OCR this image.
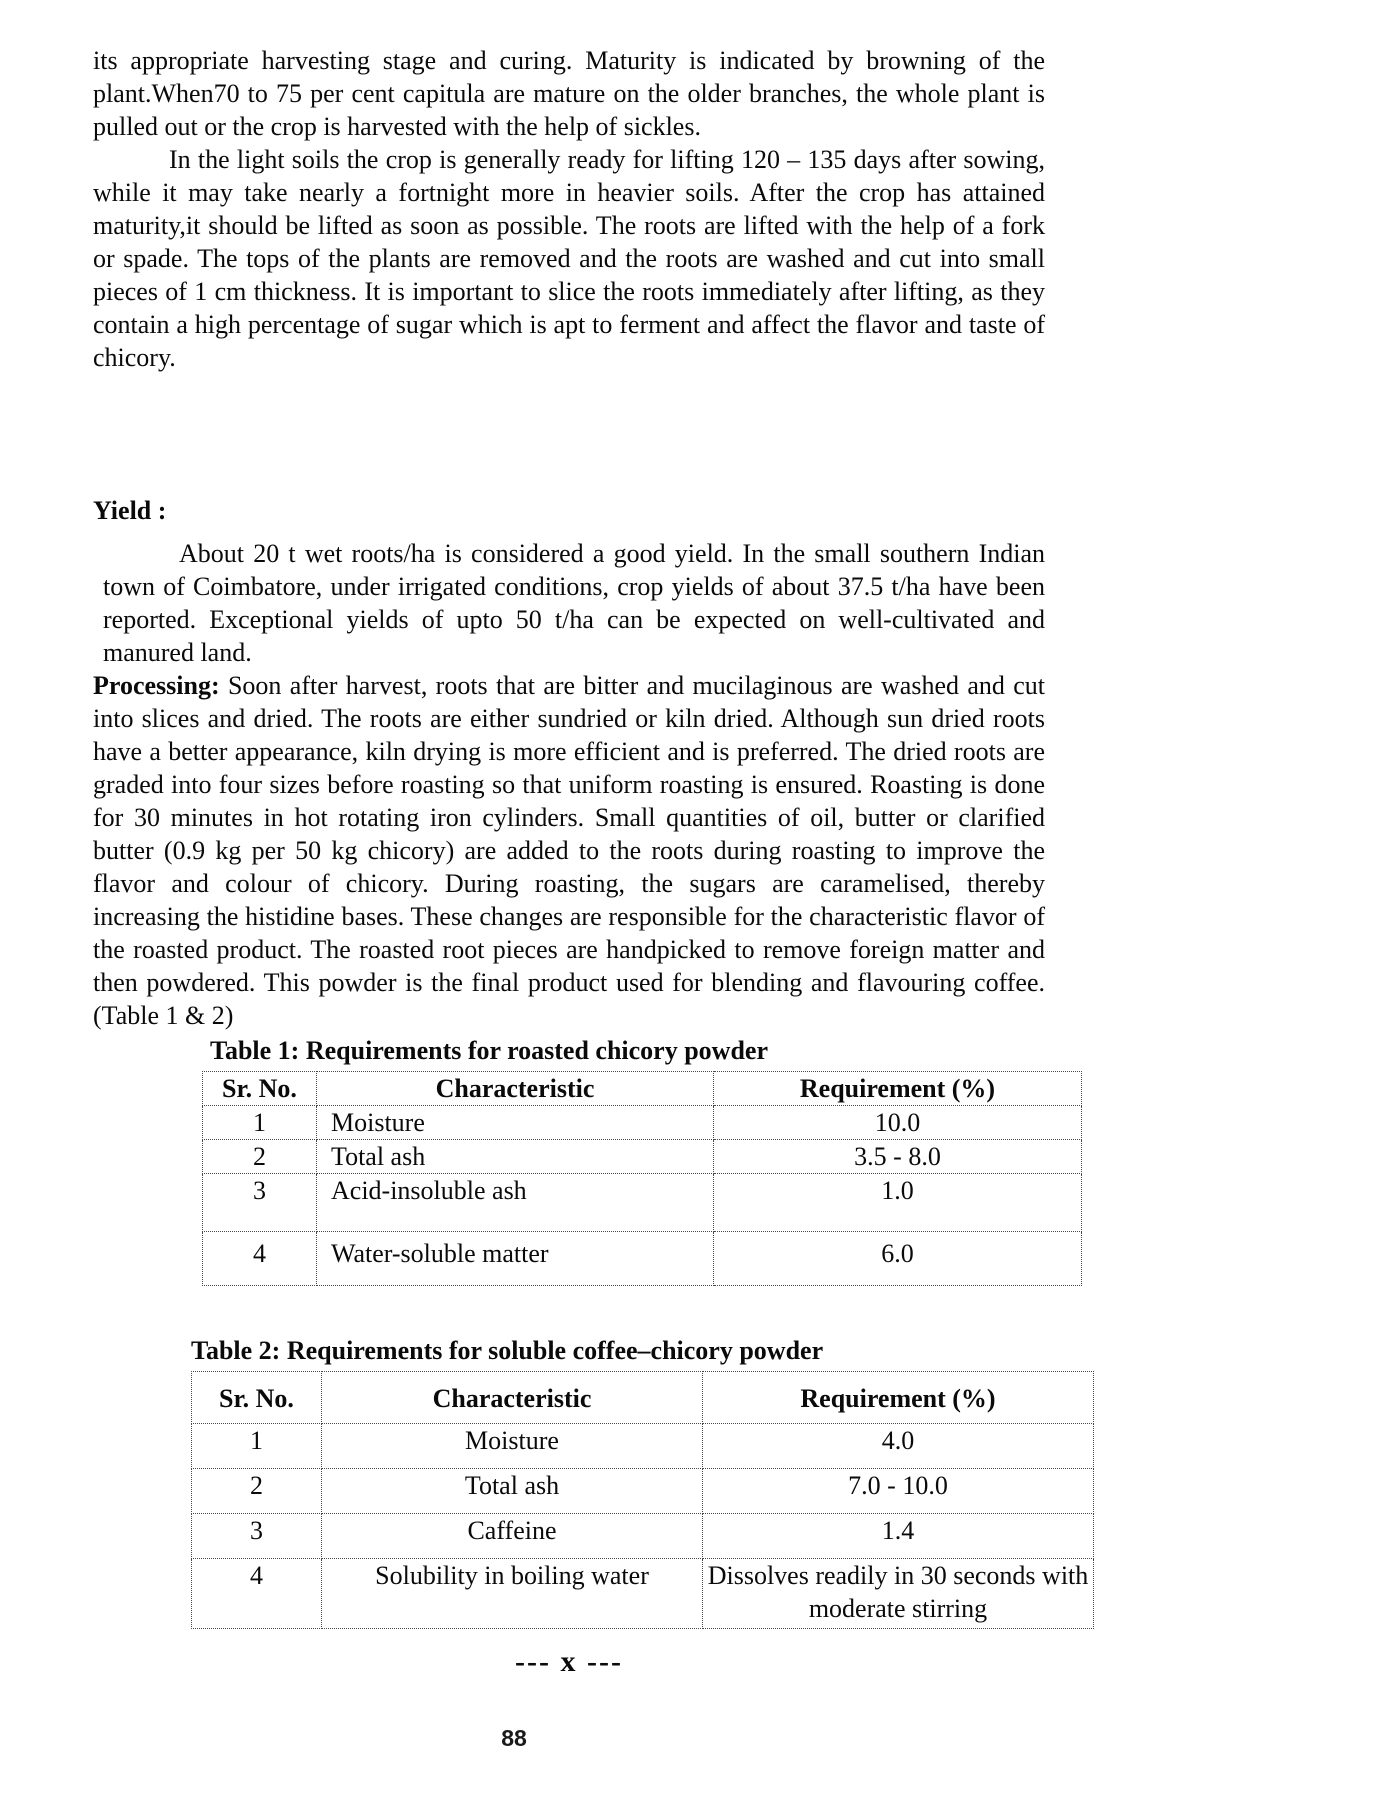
its appropriate harvesting stage and curing. Maturity is indicated by browning of the plant.When70 to 75 per cent capitula are mature on the older branches, the whole plant is pulled out or the crop is harvested with the help of sickles.

In the light soils the crop is generally ready for lifting 120 – 135 days after sowing, while it may take nearly a fortnight more in heavier soils. After the crop has attained maturity,it should be lifted as soon as possible. The roots are lifted with the help of a fork or spade. The tops of the plants are removed and the roots are washed and cut into small pieces of 1 cm thickness. It is important to slice the roots immediately after lifting, as they contain a high percentage of sugar which is apt to ferment and affect the flavor and taste of chicory.

Yield :

About 20 t wet roots/ha is considered a good yield. In the small southern Indian town of Coimbatore, under irrigated conditions, crop yields of about 37.5 t/ha have been reported. Exceptional yields of upto 50 t/ha can be expected on well-cultivated and manured land.

Processing: Soon after harvest, roots that are bitter and mucilaginous are washed and cut into slices and dried. The roots are either sundried or kiln dried. Although sun dried roots have a better appearance, kiln drying is more efficient and is preferred. The dried roots are graded into four sizes before roasting so that uniform roasting is ensured. Roasting is done for 30 minutes in hot rotating iron cylinders. Small quantities of oil, butter or clarified butter (0.9 kg per 50 kg chicory) are added to the roots during roasting to improve the flavor and colour of chicory. During roasting, the sugars are caramelised, thereby increasing the histidine bases. These changes are responsible for the characteristic flavor of the roasted product. The roasted root pieces are handpicked to remove foreign matter and then powdered. This powder is the final product used for blending and flavouring coffee.(Table 1 & 2)

Table 1: Requirements for roasted chicory powder

Sr. No.	Characteristic	Requirement (%)
1	Moisture	10.0
2	Total ash	3.5 - 8.0
3	Acid-insoluble ash	1.0
4	Water-soluble matter	6.0

Table 2: Requirements for soluble coffee–chicory powder

Sr. No.	Characteristic	Requirement (%)
1	Moisture	4.0
2	Total ash	7.0 - 10.0
3	Caffeine	1.4
4	Solubility in boiling water	Dissolves readily in 30 seconds with moderate stirring
--- x ---
88
